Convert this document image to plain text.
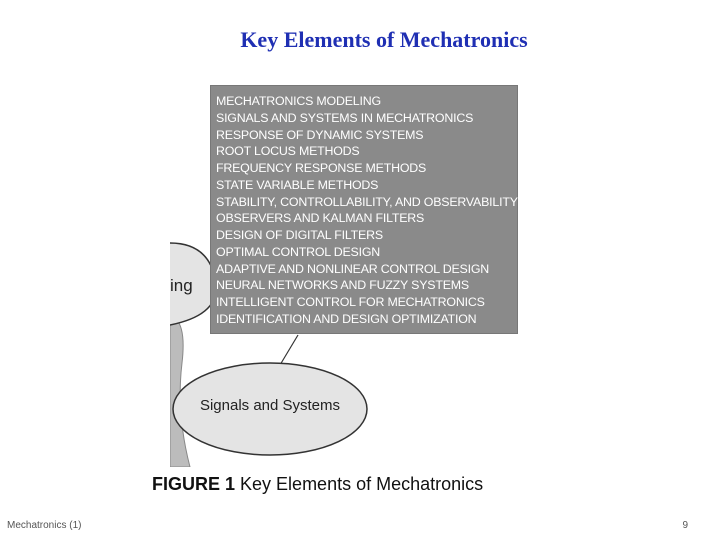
Key Elements of Mechatronics
MECHATRONICS MODELING
SIGNALS AND SYSTEMS IN MECHATRONICS
RESPONSE OF DYNAMIC SYSTEMS
ROOT LOCUS METHODS
FREQUENCY RESPONSE METHODS
STATE VARIABLE METHODS
STABILITY, CONTROLLABILITY, AND OBSERVABILITY
OBSERVERS AND KALMAN FILTERS
DESIGN OF DIGITAL FILTERS
OPTIMAL CONTROL DESIGN
ADAPTIVE AND NONLINEAR CONTROL DESIGN
NEURAL NETWORKS AND FUZZY SYSTEMS
INTELLIGENT CONTROL FOR MECHATRONICS
IDENTIFICATION AND DESIGN OPTIMIZATION
ing
Signals and Systems
FIGURE 1 Key Elements of Mechatronics
Mechatronics (1)	9
